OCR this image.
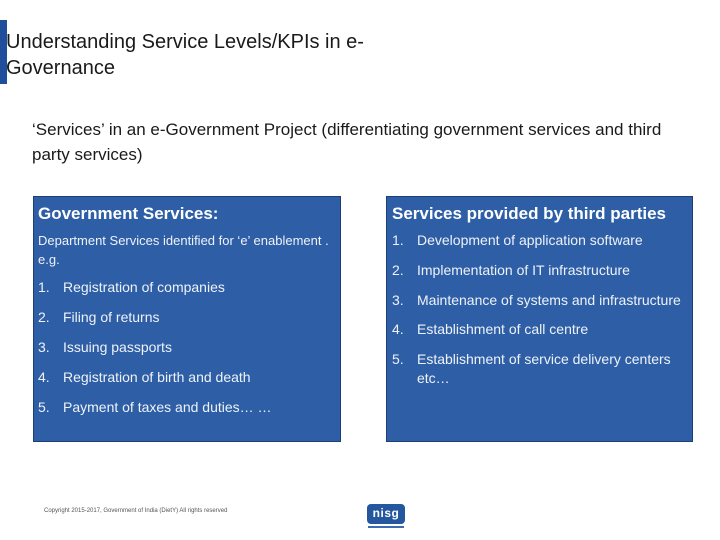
Understanding Service Levels/KPIs in e-Governance
‘Services’ in an e-Government Project (differentiating government services and third party services)
Government Services:
Department Services identified for ‘e’ enablement . e.g.
1. Registration of companies
2. Filing of returns
3. Issuing passports
4. Registration of birth and death
5. Payment of taxes and duties… …
Services provided by third parties
1. Development of application software
2. Implementation of IT infrastructure
3. Maintenance of systems and infrastructure
4. Establishment of call centre
5. Establishment of service delivery centers etc…
Copyright 2015-2017, Government of India (DietY) All rights reserved	nisg
